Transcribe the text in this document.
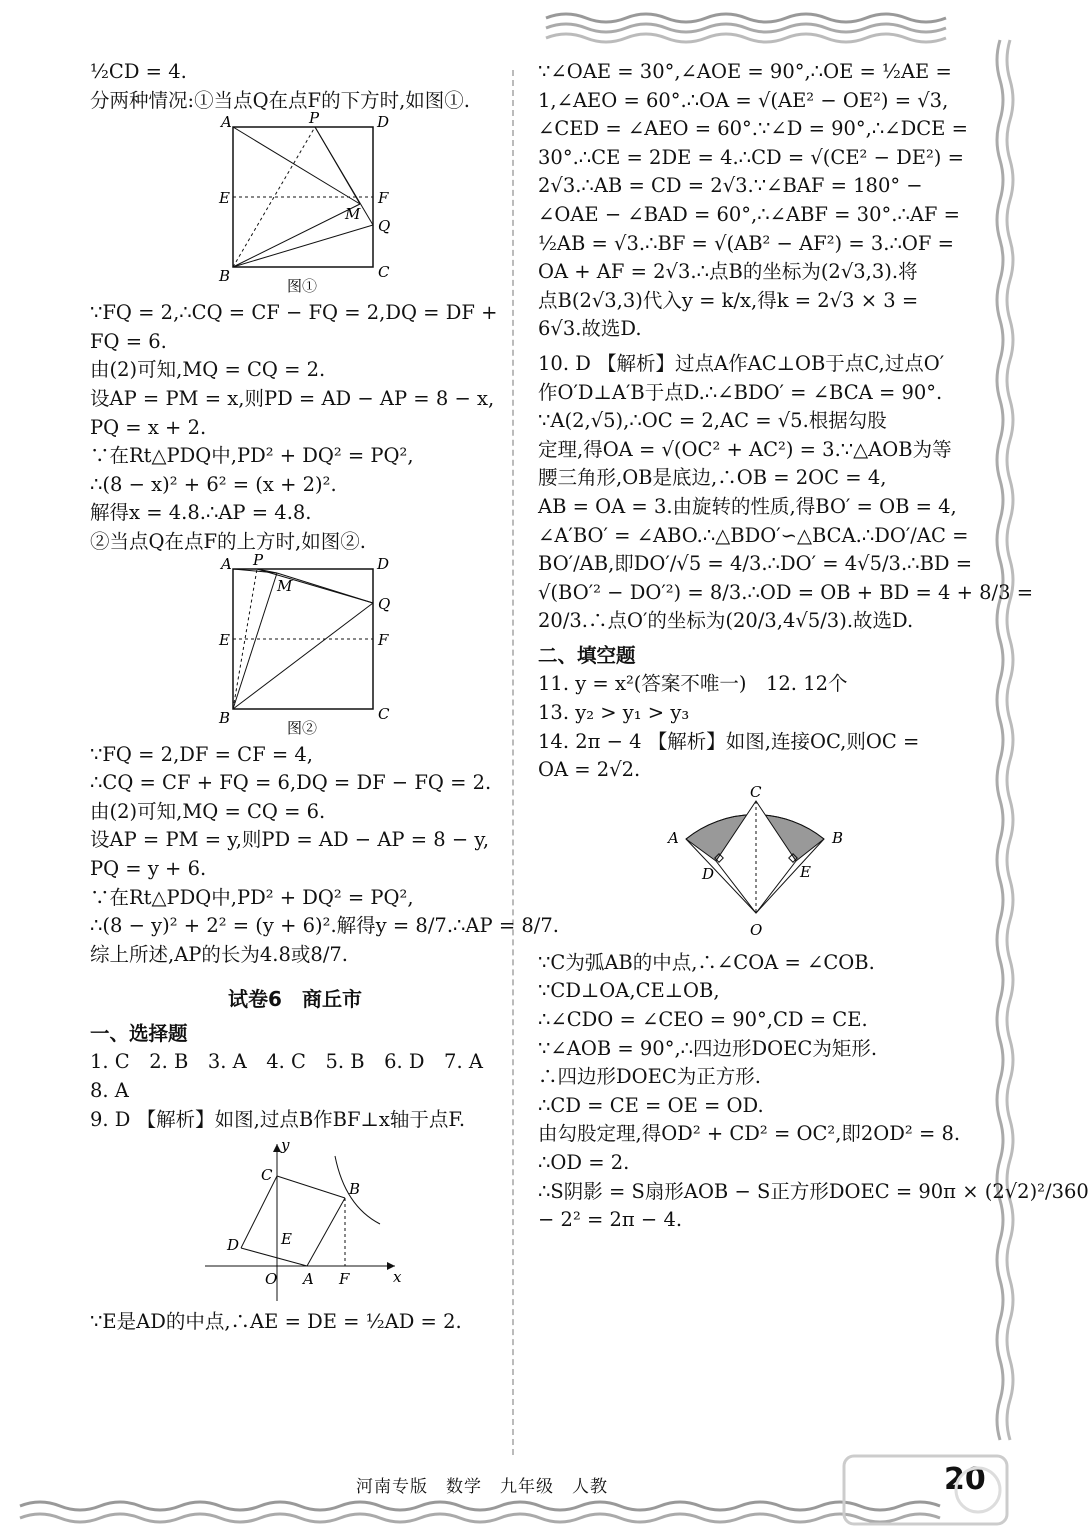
½CD = 4.
分两种情况:①当点Q在点F的下方时,如图①.
A	P	D
E	F
M
Q
B	C
图①
∵FQ = 2,∴CQ = CF − FQ = 2,DQ = DF +
FQ = 6.
由(2)可知,MQ = CQ = 2.
设AP = PM = x,则PD = AD − AP = 8 − x,
PQ = x + 2.
∵在Rt△PDQ中,PD² + DQ² = PQ²,
∴(8 − x)² + 6² = (x + 2)².
解得x = 4.8.∴AP = 4.8.
②当点Q在点F的上方时,如图②.
A P	D
M
Q
E	F
B	C
图②
∵FQ = 2,DF = CF = 4,
∴CQ = CF + FQ = 6,DQ = DF − FQ = 2.
由(2)可知,MQ = CQ = 6.
设AP = PM = y,则PD = AD − AP = 8 − y,
PQ = y + 6.
∵在Rt△PDQ中,PD² + DQ² = PQ²,
∴(8 − y)² + 2² = (y + 6)².解得y = 8/7.∴AP = 8/7.
综上所述,AP的长为4.8或8/7.
试卷6　商丘市
一、选择题
1. C　2. B　3. A　4. C　5. B　6. D　7. A
8. A
9. D 【解析】如图,过点B作BF⊥x轴于点F.
y
C
B
D	E
O A F	x
∵E是AD的中点,∴AE = DE = ½AD = 2.
∵∠OAE = 30°,∠AOE = 90°,∴OE = ½AE =
1,∠AEO = 60°.∴OA = √(AE² − OE²) = √3,
∠CED = ∠AEO = 60°.∵∠D = 90°,∴∠DCE =
30°.∴CE = 2DE = 4.∴CD = √(CE² − DE²) =
2√3.∴AB = CD = 2√3.∵∠BAF = 180° −
∠OAE − ∠BAD = 60°,∴∠ABF = 30°.∴AF =
½AB = √3.∴BF = √(AB² − AF²) = 3.∴OF =
OA + AF = 2√3.∴点B的坐标为(2√3,3).将
点B(2√3,3)代入y = k/x,得k = 2√3 × 3 =
6√3.故选D.
10. D 【解析】过点A作AC⊥OB于点C,过点O′
作O′D⊥A′B于点D.∴∠BDO′ = ∠BCA = 90°.
∵A(2,√5),∴OC = 2,AC = √5.根据勾股
定理,得OA = √(OC² + AC²) = 3.∵△AOB为等
腰三角形,OB是底边,∴OB = 2OC = 4,
AB = OA = 3.由旋转的性质,得BO′ = OB = 4,
∠A′BO′ = ∠ABO.∴△BDO′∽△BCA.∴DO′/AC =
BO′/AB,即DO′/√5 = 4/3.∴DO′ = 4√5/3.∴BD =
√(BO′² − DO′²) = 8/3.∴OD = OB + BD = 4 + 8/3 =
20/3.∴点O′的坐标为(20/3,4√5/3).故选D.
二、填空题
11. y = x²(答案不唯一)　12. 12个
13. y₂ > y₁ > y₃
14. 2π − 4 【解析】如图,连接OC,则OC =
OA = 2√2.
C
A	B
D	E
O
∵C为弧AB的中点,∴∠COA = ∠COB.
∵CD⊥OA,CE⊥OB,
∴∠CDO = ∠CEO = 90°,CD = CE.
∵∠AOB = 90°,∴四边形DOEC为矩形.
∴四边形DOEC为正方形.
∴CD = CE = OE = OD.
由勾股定理,得OD² + CD² = OC²,即2OD² = 8.
∴OD = 2.
∴S阴影 = S扇形AOB − S正方形DOEC = 90π × (2√2)²/360
− 2² = 2π − 4.
河南专版　数学　九年级　人教	20
